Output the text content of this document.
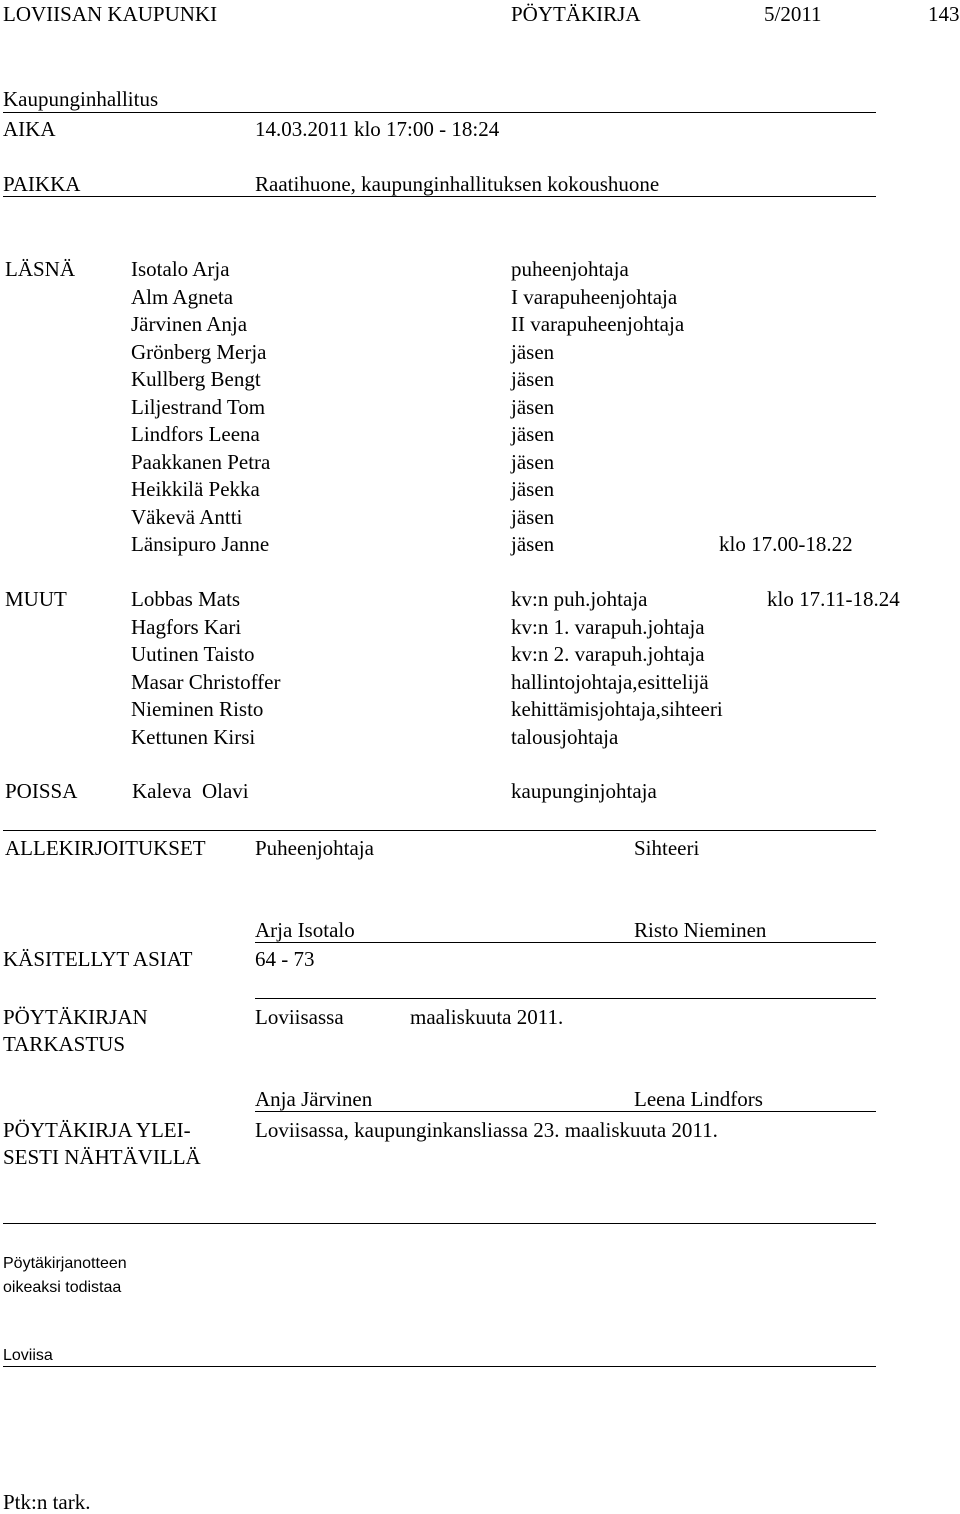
LOVIISAN KAUPUNKI	PÖYTÄKIRJA	5/2011	143
Kaupunginhallitus
AIKA	14.03.2011 klo 17:00 - 18:24
PAIKKA	Raatihuone, kaupunginhallituksen kokoushuone
LÄSNÄ	Isotalo Arja	puheenjohtaja
Alm Agneta	I varapuheenjohtaja
Järvinen Anja	II varapuheenjohtaja
Grönberg Merja	jäsen
Kullberg Bengt	jäsen
Liljestrand Tom	jäsen
Lindfors Leena	jäsen
Paakkanen Petra	jäsen
Heikkilä Pekka	jäsen
Väkevä Antti	jäsen
Länsipuro Janne	jäsen	klo 17.00-18.22
MUUT	Lobbas Mats	kv:n puh.johtaja	klo 17.11-18.24
Hagfors Kari	kv:n 1. varapuh.johtaja
Uutinen Taisto	kv:n 2. varapuh.johtaja
Masar Christoffer	hallintojohtaja,esittelijä
Nieminen Risto	kehittämisjohtaja,sihteeri
Kettunen Kirsi	talousjohtaja
POISSA	Kaleva  Olavi	kaupunginjohtaja
ALLEKIRJOITUKSET Puheenjohtaja	Sihteeri
Arja Isotalo	Risto Nieminen
KÄSITELLYT ASIAT	64 - 73
PÖYTÄKIRJAN
TARKASTUS
Loviisassa	maaliskuuta 2011.
Anja Järvinen	Leena Lindfors
PÖYTÄKIRJA YLEI-
SESTI NÄHTÄVILLÄ
Loviisassa, kaupunginkansliassa 23. maaliskuuta 2011.
Pöytäkirjanotteen
oikeaksi todistaa
Loviisa
Ptk:n tark.
